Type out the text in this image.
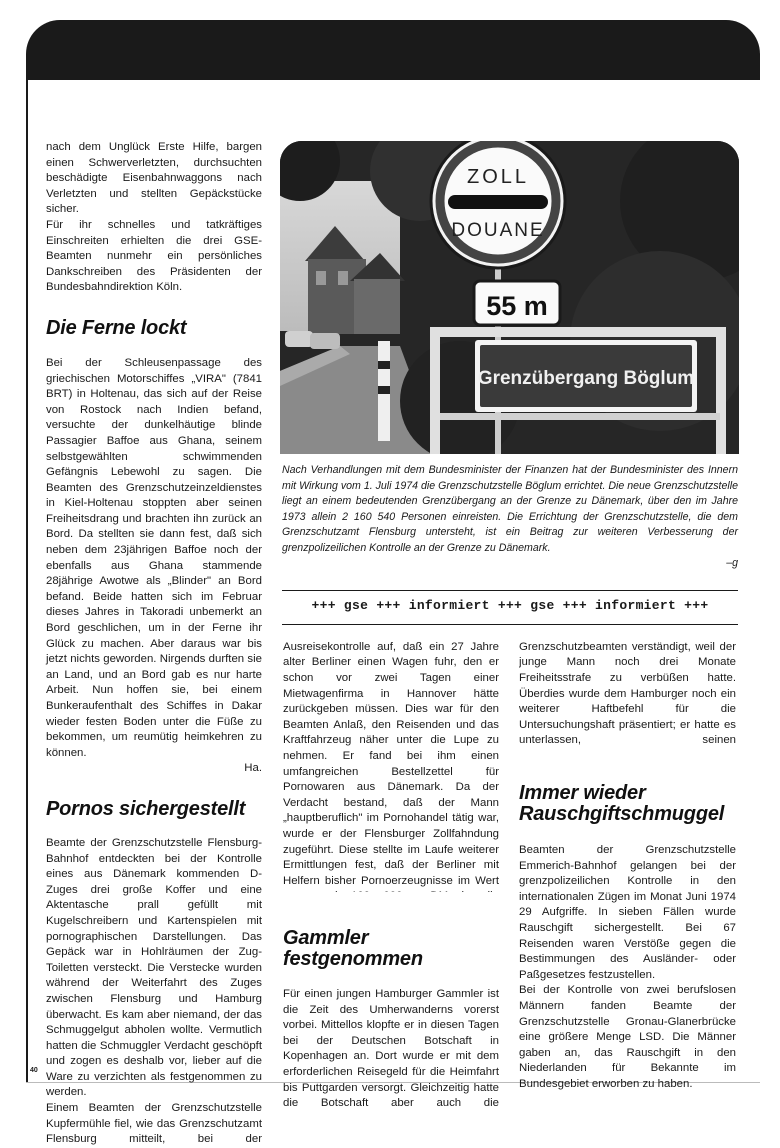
40

nach dem Unglück Erste Hilfe, bargen einen Schwerverletzten, durchsuchten beschädigte Eisenbahnwaggons nach Verletzten und stellten Gepäckstücke sicher.

Für ihr schnelles und tatkräftiges Einschreiten erhielten die drei GSE-Beamten nunmehr ein persönliches Dankschreiben des Präsidenten der Bundesbahndirektion Köln.

Die Ferne lockt

Bei der Schleusenpassage des griechischen Motorschiffes „VIRA" (7841 BRT) in Holtenau, das sich auf der Reise von Rostock nach Indien befand, versuchte der dunkelhäutige blinde Passagier Baffoe aus Ghana, seinem selbstgewählten schwimmenden Gefängnis Lebewohl zu sagen. Die Beamten des Grenzschutzeinzeldienstes in Kiel-Holtenau stoppten aber seinen Freiheitsdrang und brachten ihn zurück an Bord. Da stellten sie dann fest, daß sich neben dem 23jährigen Baffoe noch der ebenfalls aus Ghana stammende 28jährige Awotwe als „Blinder" an Bord befand. Beide hatten sich im Februar dieses Jahres in Takoradi unbemerkt an Bord geschlichen, um in der Ferne ihr Glück zu machen. Aber daraus war bis jetzt nichts geworden. Nirgends durften sie an Land, und an Bord gab es nur harte Arbeit. Nun hoffen sie, bei einem Bunkeraufenthalt des Schiffes in Dakar wieder festen Boden unter die Füße zu bekommen, um reumütig heimkehren zu können.

Ha.
Pornos sichergestellt

Beamte der Grenzschutzstelle Flensburg-Bahnhof entdeckten bei der Kontrolle eines aus Dänemark kommenden D-Zuges drei große Koffer und eine Aktentasche prall gefüllt mit Kugelschreibern und Kartenspielen mit pornographischen Darstellungen. Das Gepäck war in Hohlräumen der Zug-Toiletten versteckt. Die Verstecke wurden während der Weiterfahrt des Zuges zwischen Flensburg und Hamburg überwacht. Es kam aber niemand, der das Schmuggelgut abholen wollte. Vermutlich hatten die Schmuggler Verdacht geschöpft und zogen es deshalb vor, lieber auf die Ware zu verzichten als festgenommen zu werden.

Einem Beamten der Grenzschutzstelle Kupfermühle fiel, wie das Grenzschutzamt Flensburg mitteilt, bei der

ZOLL
DOUANE
55 m
Grenzübergang Böglum
Nach Verhandlungen mit dem Bundesminister der Finanzen hat der Bundesminister des Innern mit Wirkung vom 1. Juli 1974 die Grenzschutzstelle Böglum errichtet. Die neue Grenzschutzstelle liegt an einem bedeutenden Grenzübergang an der Grenze zu Dänemark, über den im Jahre 1973 allein 2 160 540 Personen einreisten. Die Errichtung der Grenzschutzstelle, die dem Grenzschutzamt Flensburg untersteht, ist ein Beitrag zur weiteren Verbesserung der grenzpolizeilichen Kontrolle an der Grenze zu Dänemark.
–g
+++ gse +++ informiert +++ gse +++ informiert +++

Ausreisekontrolle auf, daß ein 27 Jahre alter Berliner einen Wagen fuhr, den er schon vor zwei Tagen einer Mietwagenfirma in Hannover hätte zurückgeben müssen. Dies war für den Beamten Anlaß, den Reisenden und das Kraftfahrzeug näher unter die Lupe zu nehmen. Er fand bei ihm einen umfangreichen Bestellzettel für Pornowaren aus Dänemark. Da der Verdacht bestand, daß der Mann „hauptberuflich" im Pornohandel tätig war, wurde er der Flensburger Zollfahndung zugeführt. Diese stellte im Laufe weiterer Ermittlungen fest, daß der Berliner mit Helfern bisher Pornoerzeugnisse im Wert

Gammler festgenommen

Für einen jungen Hamburger Gammler ist die Zeit des Umherwanderns vorerst vorbei. Mittellos klopfte er in diesen Tagen bei der Deutschen Botschaft in Kopenhagen an. Dort wurde er mit dem erforderlichen Reisegeld für die Heimfahrt bis Puttgarden versorgt. Gleichzeitig hatte die Botschaft aber auch die

Grenzschutzbeamten verständigt, weil der junge Mann noch drei Monate Freiheitsstrafe zu verbüßen hatte. Überdies wurde dem Hamburger noch ein weiterer Haftbefehl für die Untersuchungshaft präsentiert; er hatte es unterlassen, seinen

Immer wieder Rauschgiftschmuggel

Beamten der Grenzschutzstelle Emmerich-Bahnhof gelangen bei der grenzpolizeilichen Kontrolle in den internationalen Zügen im Monat Juni 1974 29 Aufgriffe. In sieben Fällen wurde Rauschgift sichergestellt. Bei 67 Reisenden waren Verstöße gegen die Bestimmungen des Ausländer- oder Paßgesetzes festzustellen.

Bei der Kontrolle von zwei berufslosen Männern fanden Beamte der Grenzschutzstelle Gronau-Glanerbrücke eine größere Menge LSD. Die Männer gaben an, das Rauschgift in den Niederlanden für Bekannte im Bundesgebiet erworben zu haben.
